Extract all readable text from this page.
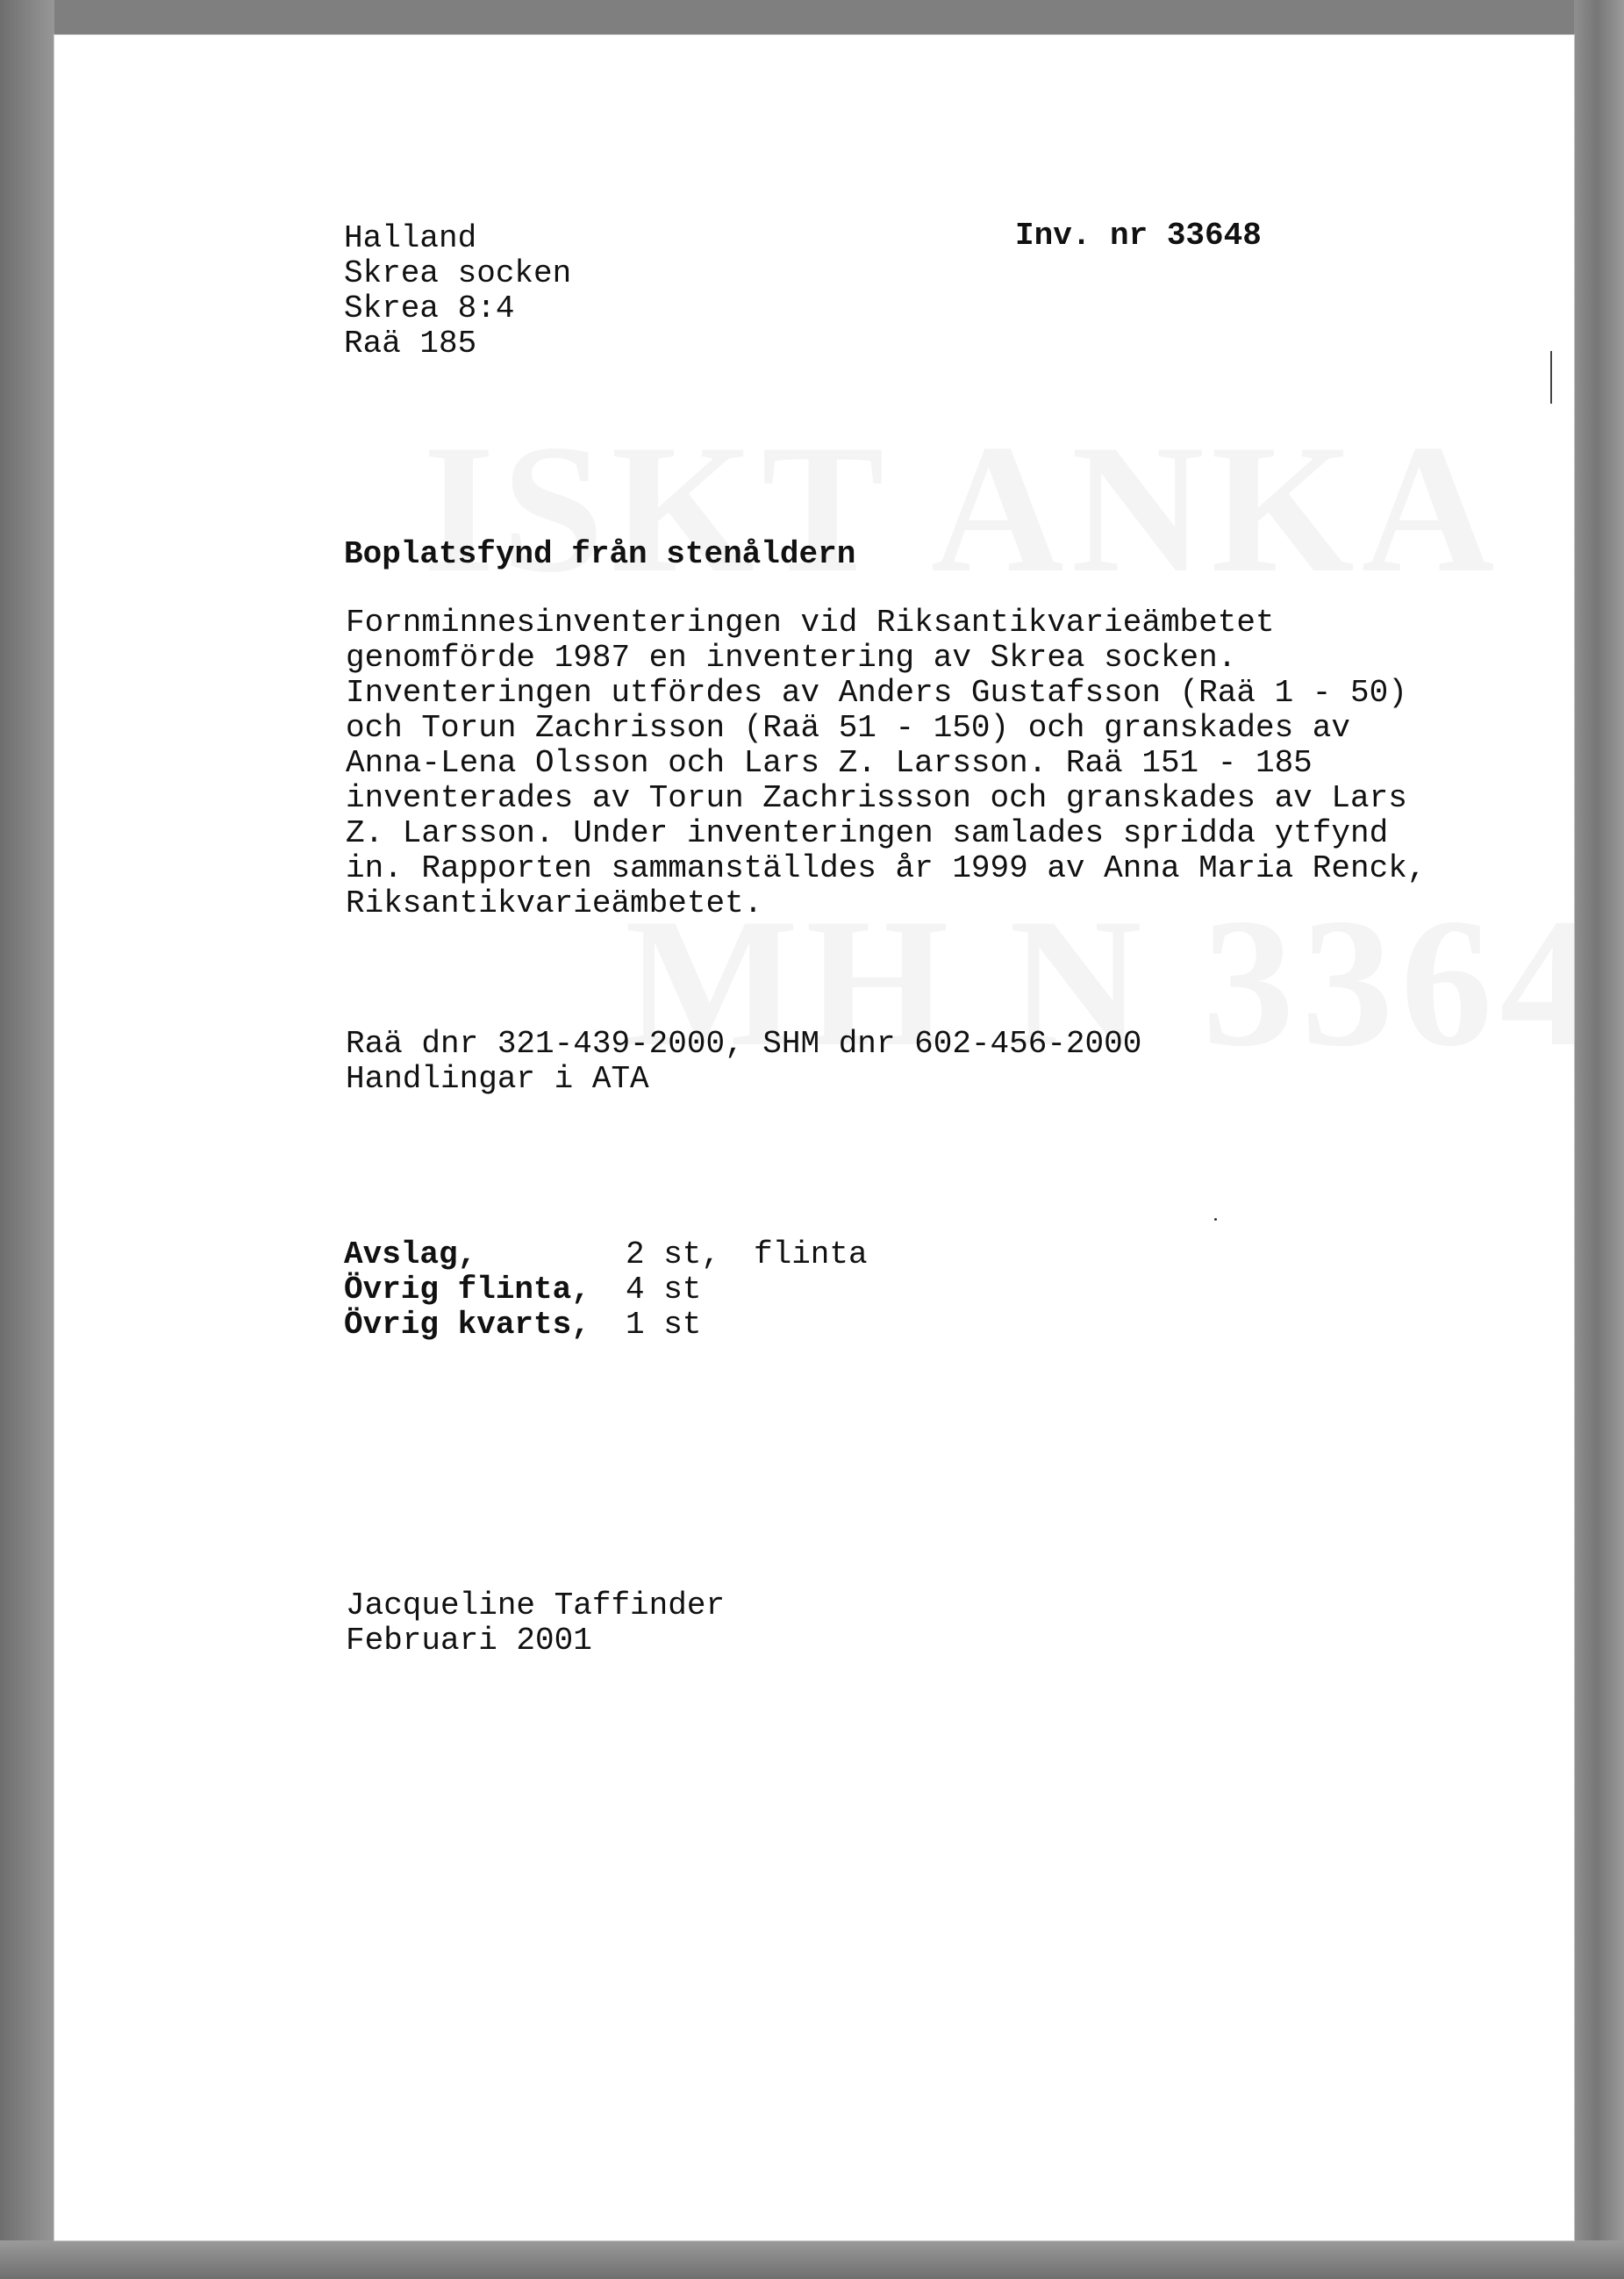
Halland
Skrea socken
Skrea 8:4
Raä 185
Inv. nr 33648
Boplatsfynd från stenåldern
Fornminnesinventeringen vid Riksantikvarieämbetet
genomförde 1987 en inventering av Skrea socken.
Inventeringen utfördes av Anders Gustafsson (Raä 1 - 50)
och Torun Zachrisson (Raä 51 - 150) och granskades av
Anna-Lena Olsson och Lars Z. Larsson. Raä 151 - 185
inventerades av Torun Zachrissson och granskades av Lars
Z. Larsson. Under inventeringen samlades spridda ytfynd
in. Rapporten sammanställdes år 1999 av Anna Maria Renck,
Riksantikvarieämbetet.
Raä dnr 321-439-2000, SHM dnr 602-456-2000
Handlingar i ATA
Avslag,	2 st, flinta
Övrig flinta, 4 st
Övrig kvarts, 1 st
Jacqueline Taffinder
Februari 2001
